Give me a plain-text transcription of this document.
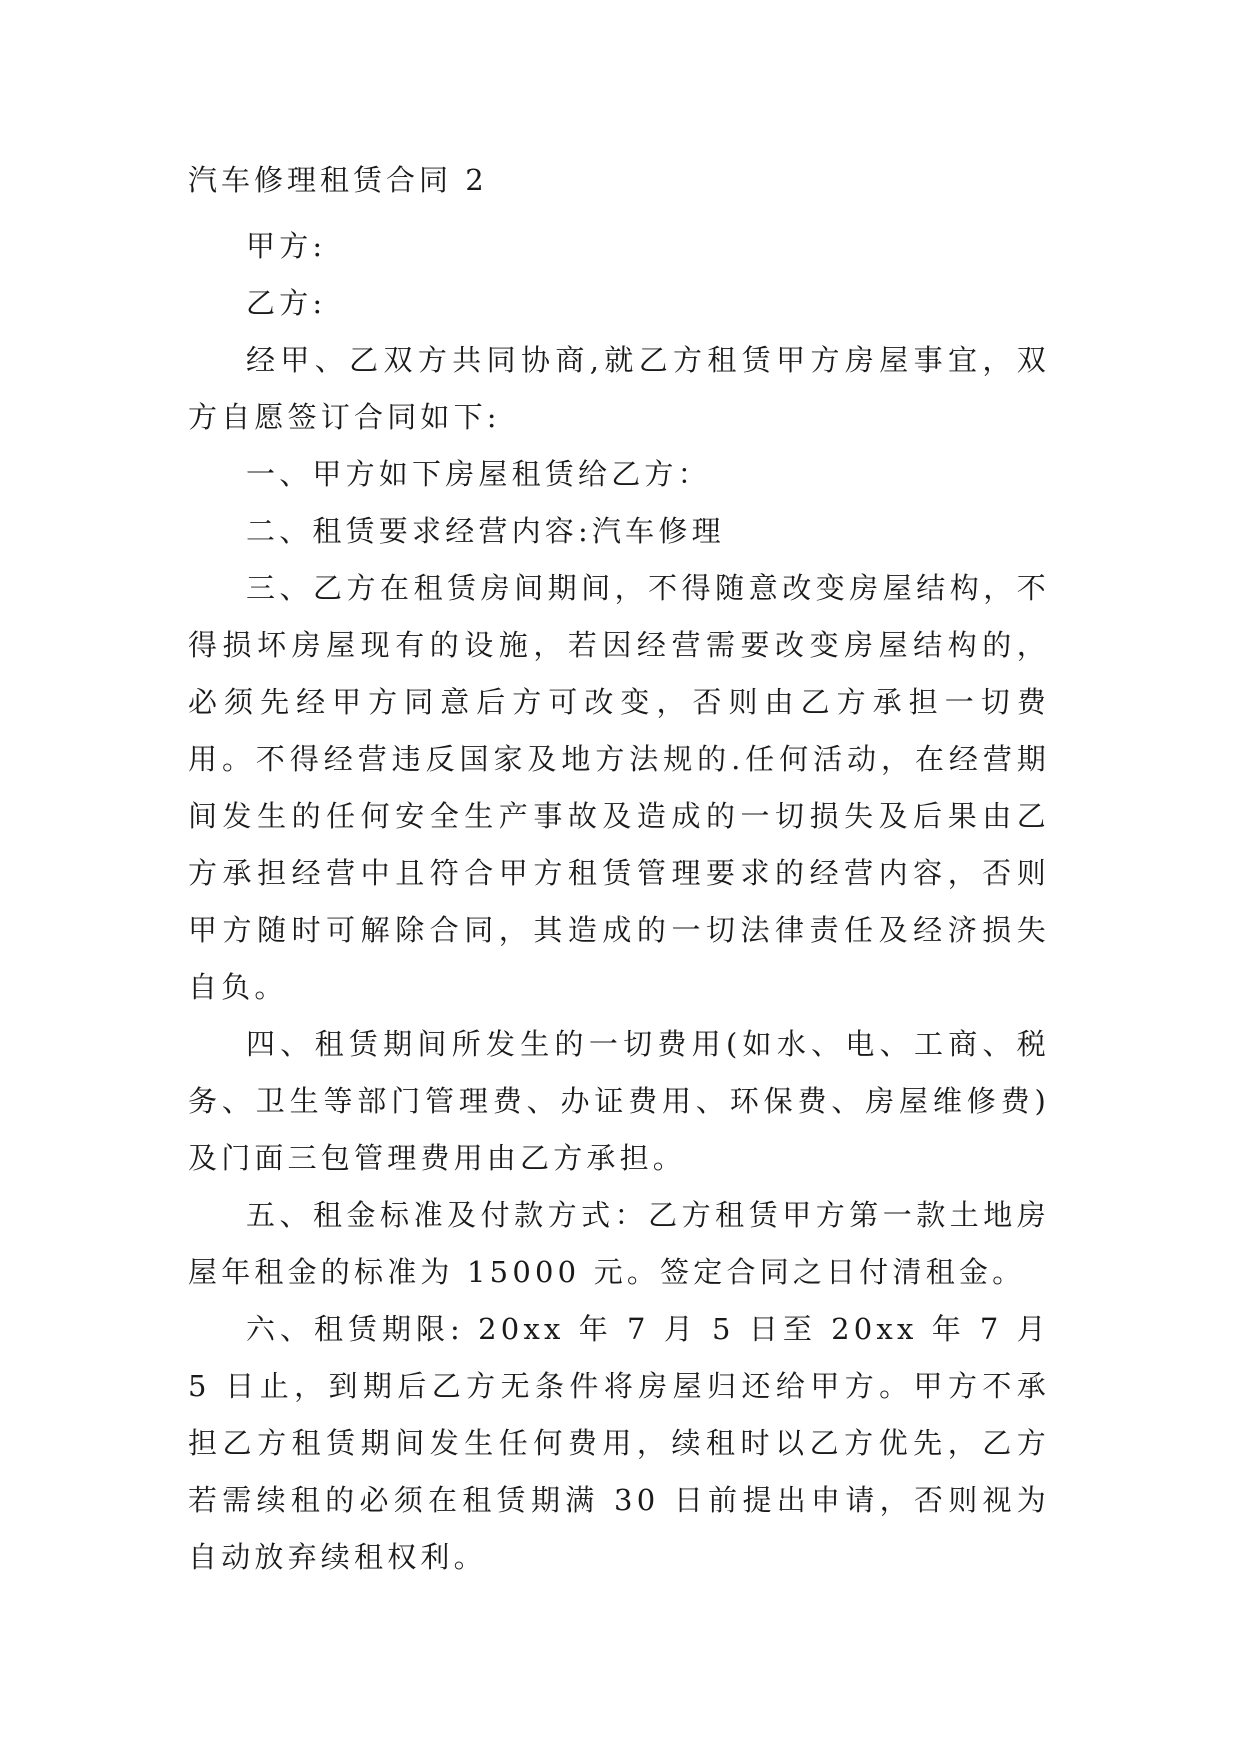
汽车修理租赁合同 2

甲方:

乙方:

经甲、乙双方共同协商,就乙方租赁甲方房屋事宜，双方自愿签订合同如下:

一、甲方如下房屋租赁给乙方：

二、租赁要求经营内容:汽车修理

三、乙方在租赁房间期间，不得随意改变房屋结构，不得损坏房屋现有的设施，若因经营需要改变房屋结构的，必须先经甲方同意后方可改变，否则由乙方承担一切费用。不得经营违反国家及地方法规的.任何活动，在经营期间发生的任何安全生产事故及造成的一切损失及后果由乙方承担经营中且符合甲方租赁管理要求的经营内容，否则甲方随时可解除合同，其造成的一切法律责任及经济损失自负。

四、租赁期间所发生的一切费用(如水、电、工商、税务、卫生等部门管理费、办证费用、环保费、房屋维修费)及门面三包管理费用由乙方承担。

五、租金标准及付款方式：乙方租赁甲方第一款土地房屋年租金的标准为 15000 元。签定合同之日付清租金。

六、租赁期限: 20xx 年 7 月 5 日至 20xx 年 7 月 5 日止，到期后乙方无条件将房屋归还给甲方。甲方不承担乙方租赁期间发生任何费用，续租时以乙方优先，乙方若需续租的必须在租赁期满 30 日前提出申请，否则视为自动放弃续租权利。
